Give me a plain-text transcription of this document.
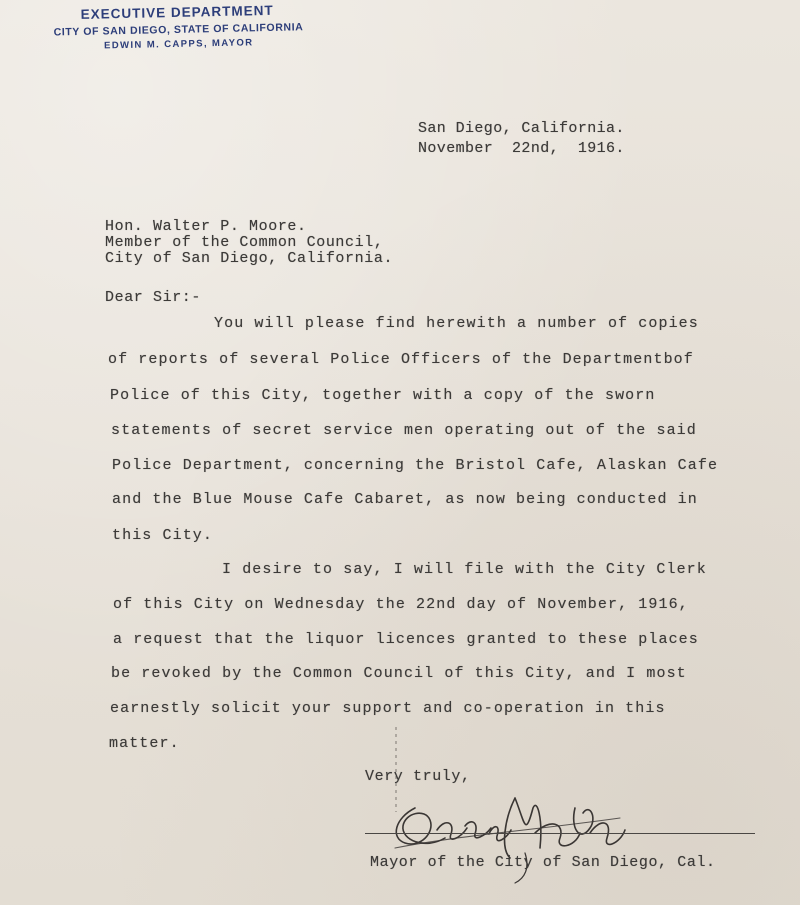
EXECUTIVE DEPARTMENT
CITY OF SAN DIEGO, STATE OF CALIFORNIA
EDWIN M. CAPPS, MAYOR
San Diego, California.
November  22nd,  1916.
Hon. Walter P. Moore.
Member of the Common Council,
City of San Diego, California.
Dear Sir:-
You will please find herewith a number of copies
of reports of several Police Officers of the Departmentbof
Police of this City, together with a copy of the sworn
statements of secret service men operating out of the said
Police Department, concerning the Bristol Cafe, Alaskan Cafe
and the Blue Mouse Cafe Cabaret, as now being conducted in
this City.
I desire to say, I will file with the City Clerk
of this City on Wednesday the 22nd day of November, 1916,
a request that the liquor licences granted to these places
be revoked by the Common Council of this City, and I most
earnestly solicit your support and co-operation in this
matter.
Very truly,
Mayor of the City of San Diego, Cal.
